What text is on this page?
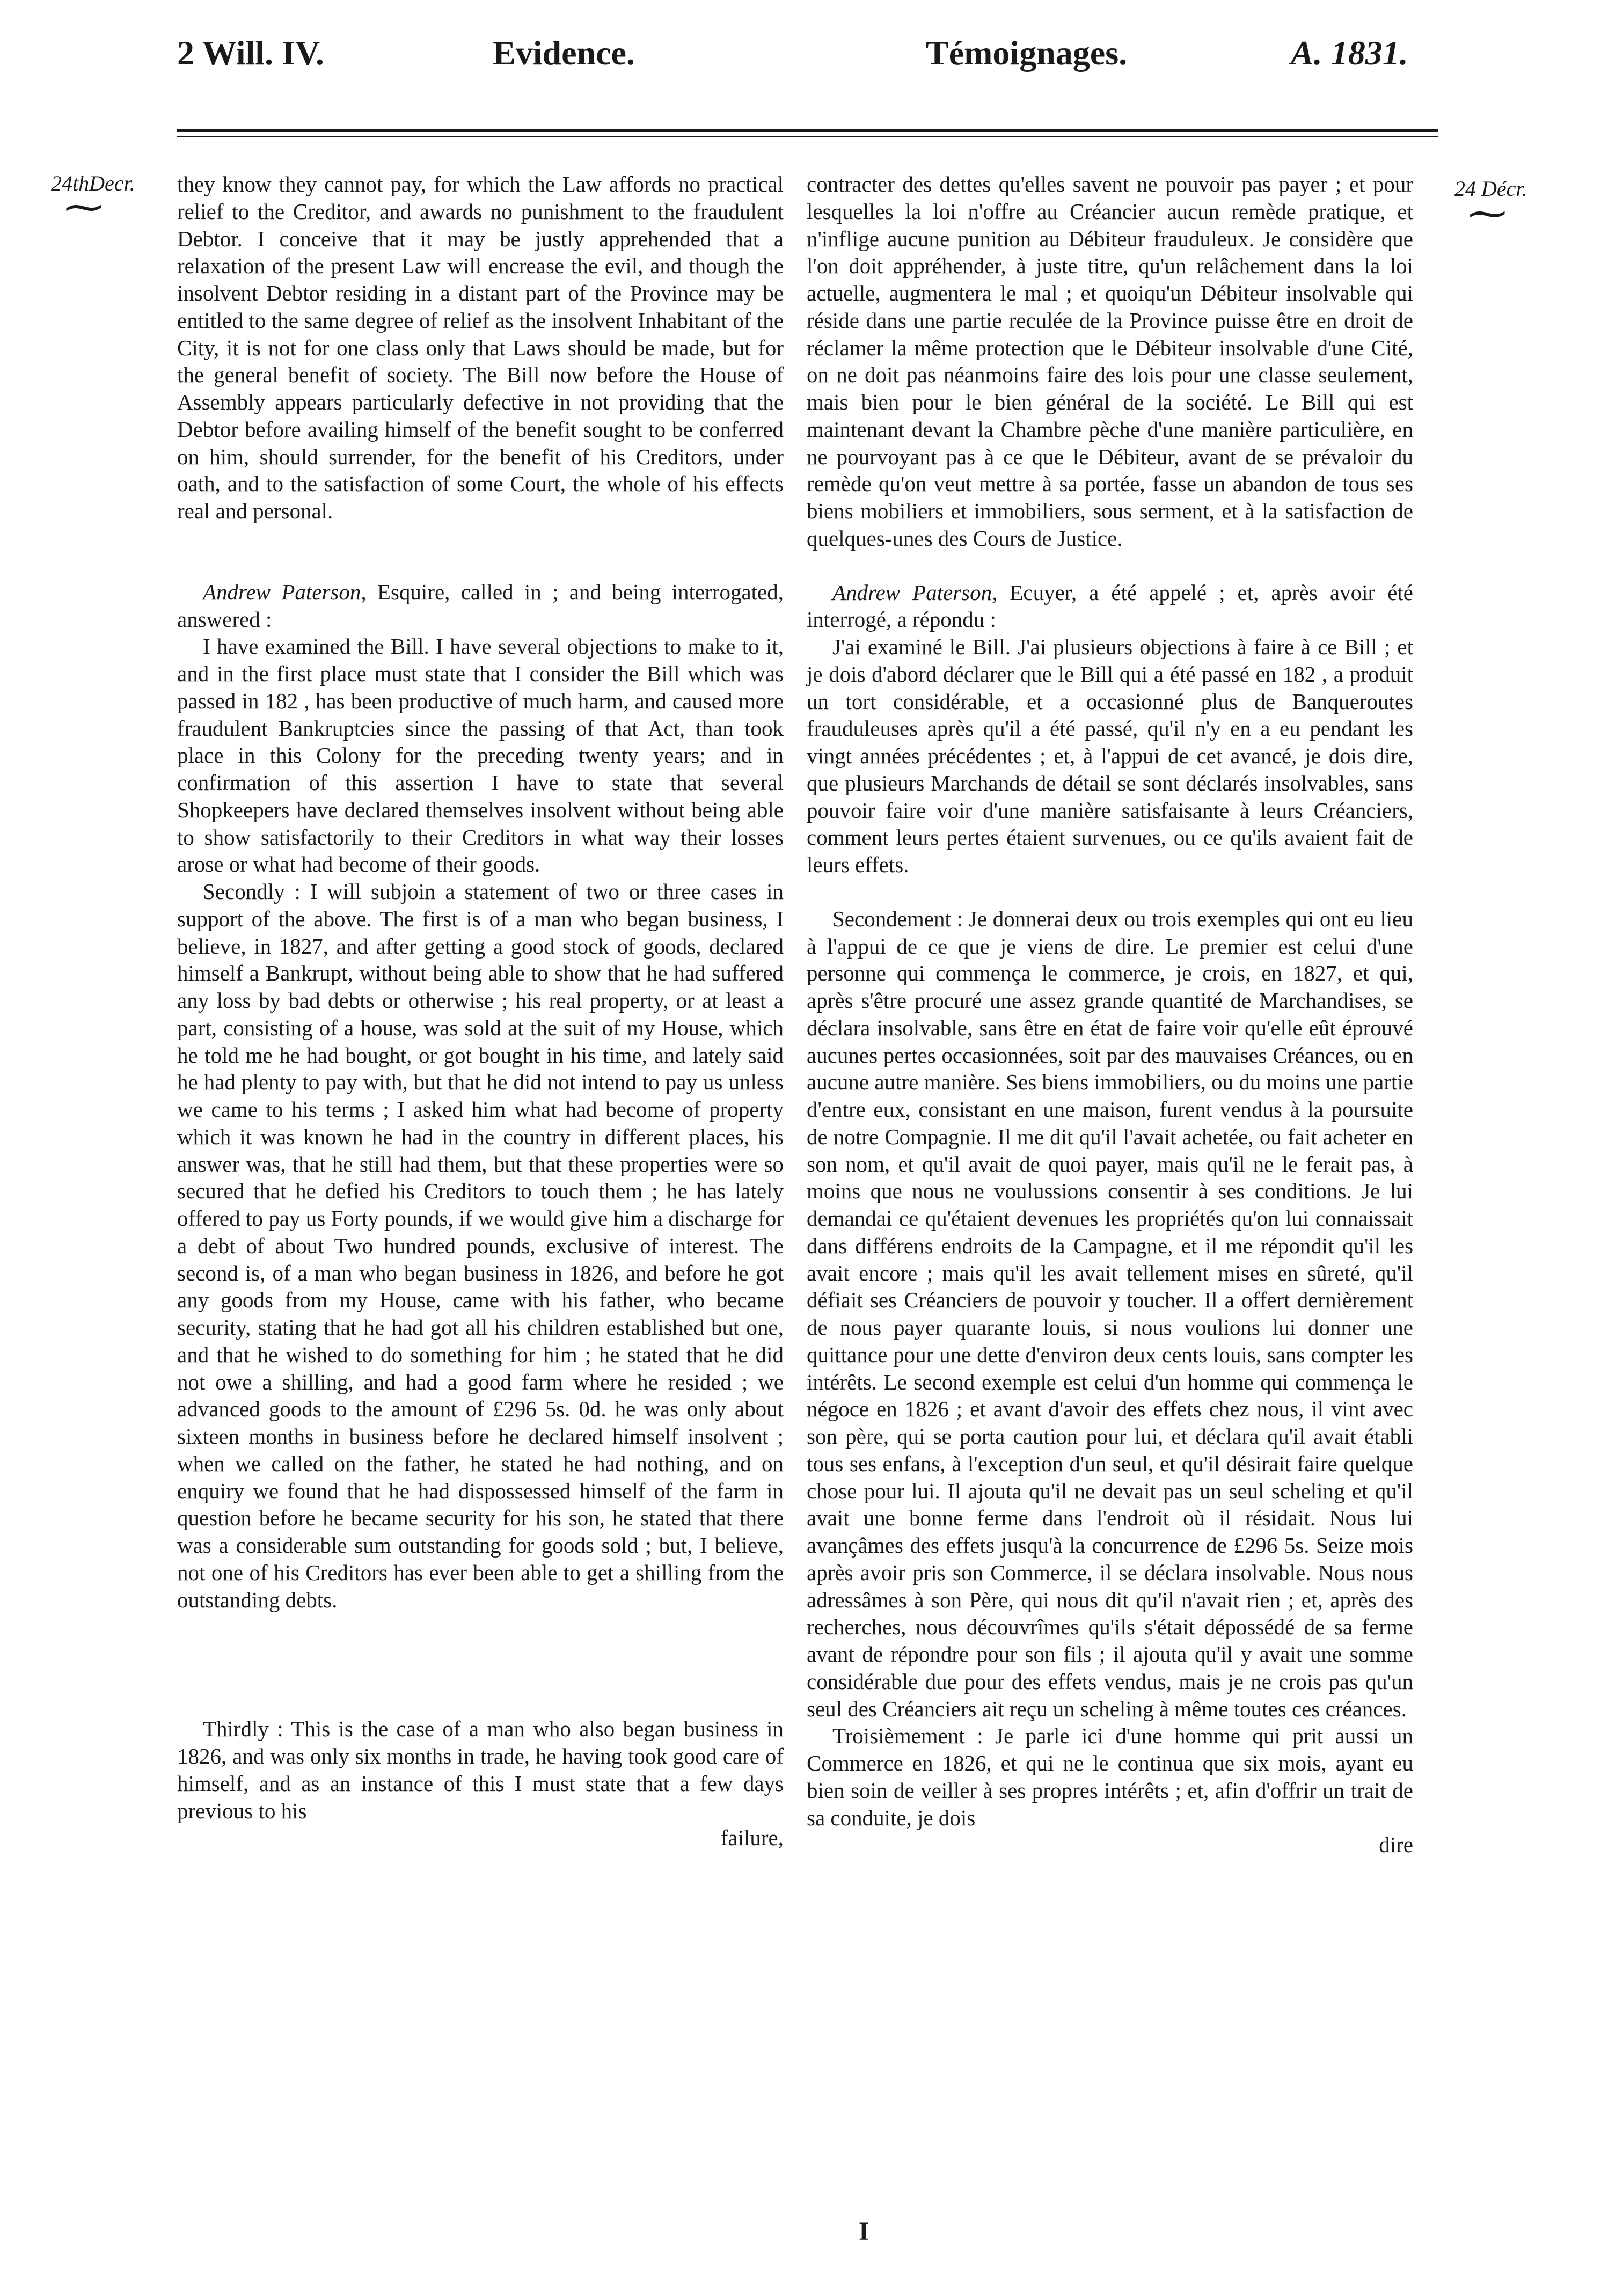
2 Will. IV.	Evidence.	Témoignages.	A. 1831.
24thDecr.
⁓	24 Décr.
⁓

they know they cannot pay, for which the Law affords no practical relief to the Creditor, and awards no punishment to the fraudulent Debtor. I conceive that it may be justly apprehended that a relaxation of the present Law will encrease the evil, and though the insolvent Debtor residing in a distant part of the Province may be entitled to the same degree of relief as the insolvent Inhabitant of the City, it is not for one class only that Laws should be made, but for the general benefit of society. The Bill now before the House of Assembly appears particularly defective in not providing that the Debtor before availing himself of the benefit sought to be conferred on him, should surrender, for the benefit of his Creditors, under oath, and to the satisfaction of some Court, the whole of his effects real and personal.

Andrew Paterson, Esquire, called in ; and being interrogated, answered :

I have examined the Bill. I have several objections to make to it, and in the first place must state that I consider the Bill which was passed in 182 , has been productive of much harm, and caused more fraudulent Bankruptcies since the passing of that Act, than took place in this Colony for the preceding twenty years; and in confirmation of this assertion I have to state that several Shopkeepers have declared themselves insolvent without being able to show satisfactorily to their Creditors in what way their losses arose or what had become of their goods.

Secondly : I will subjoin a statement of two or three cases in support of the above. The first is of a man who began business, I believe, in 1827, and after getting a good stock of goods, declared himself a Bankrupt, without being able to show that he had suffered any loss by bad debts or otherwise ; his real property, or at least a part, consisting of a house, was sold at the suit of my House, which he told me he had bought, or got bought in his time, and lately said he had plenty to pay with, but that he did not intend to pay us unless we came to his terms ; I asked him what had become of property which it was known he had in the country in different places, his answer was, that he still had them, but that these properties were so secured that he defied his Creditors to touch them ; he has lately offered to pay us Forty pounds, if we would give him a discharge for a debt of about Two hundred pounds, exclusive of interest. The second is, of a man who began business in 1826, and before he got any goods from my House, came with his father, who became security, stating that he had got all his children established but one, and that he wished to do something for him ; he stated that he did not owe a shilling, and had a good farm where he resided ; we advanced goods to the amount of £296 5s. 0d. he was only about sixteen months in business before he declared himself insolvent ; when we called on the father, he stated he had nothing, and on enquiry we found that he had dispossessed himself of the farm in question before he became security for his son, he stated that there was a considerable sum outstanding for goods sold ; but, I believe, not one of his Creditors has ever been able to get a shilling from the outstanding debts.

Thirdly : This is the case of a man who also began business in 1826, and was only six months in trade, he having took good care of himself, and as an instance of this I must state that a few days previous to his

failure,

contracter des dettes qu'elles savent ne pouvoir pas payer ; et pour lesquelles la loi n'offre au Créancier aucun remède pratique, et n'inflige aucune punition au Débiteur frauduleux. Je considère que l'on doit appréhender, à juste titre, qu'un relâchement dans la loi actuelle, augmentera le mal ; et quoiqu'un Débiteur insolvable qui réside dans une partie reculée de la Province puisse être en droit de réclamer la même protection que le Débiteur insolvable d'une Cité, on ne doit pas néanmoins faire des lois pour une classe seulement, mais bien pour le bien général de la société. Le Bill qui est maintenant devant la Chambre pèche d'une manière particulière, en ne pourvoyant pas à ce que le Débiteur, avant de se prévaloir du remède qu'on veut mettre à sa portée, fasse un abandon de tous ses biens mobiliers et immobiliers, sous serment, et à la satisfaction de quelques-unes des Cours de Justice.

Andrew Paterson, Ecuyer, a été appelé ; et, après avoir été interrogé, a répondu :

J'ai examiné le Bill. J'ai plusieurs objections à faire à ce Bill ; et je dois d'abord déclarer que le Bill qui a été passé en 182 , a produit un tort considérable, et a occasionné plus de Banqueroutes frauduleuses après qu'il a été passé, qu'il n'y en a eu pendant les vingt années précédentes ; et, à l'appui de cet avancé, je dois dire, que plusieurs Marchands de détail se sont déclarés insolvables, sans pouvoir faire voir d'une manière satisfaisante à leurs Créanciers, comment leurs pertes étaient survenues, ou ce qu'ils avaient fait de leurs effets.

Secondement : Je donnerai deux ou trois exemples qui ont eu lieu à l'appui de ce que je viens de dire. Le premier est celui d'une personne qui commença le commerce, je crois, en 1827, et qui, après s'être procuré une assez grande quantité de Marchandises, se déclara insolvable, sans être en état de faire voir qu'elle eût éprouvé aucunes pertes occasionnées, soit par des mauvaises Créances, ou en aucune autre manière. Ses biens immobiliers, ou du moins une partie d'entre eux, consistant en une maison, furent vendus à la poursuite de notre Compagnie. Il me dit qu'il l'avait achetée, ou fait acheter en son nom, et qu'il avait de quoi payer, mais qu'il ne le ferait pas, à moins que nous ne voulussions consentir à ses conditions. Je lui demandai ce qu'étaient devenues les propriétés qu'on lui connaissait dans différens endroits de la Campagne, et il me répondit qu'il les avait encore ; mais qu'il les avait tellement mises en sûreté, qu'il défiait ses Créanciers de pouvoir y toucher. Il a offert dernièrement de nous payer quarante louis, si nous voulions lui donner une quittance pour une dette d'environ deux cents louis, sans compter les intérêts. Le second exemple est celui d'un homme qui commença le négoce en 1826 ; et avant d'avoir des effets chez nous, il vint avec son père, qui se porta caution pour lui, et déclara qu'il avait établi tous ses enfans, à l'exception d'un seul, et qu'il désirait faire quelque chose pour lui. Il ajouta qu'il ne devait pas un seul scheling et qu'il avait une bonne ferme dans l'endroit où il résidait. Nous lui avançâmes des effets jusqu'à la concurrence de £296 5s. Seize mois après avoir pris son Commerce, il se déclara insolvable. Nous nous adressâmes à son Père, qui nous dit qu'il n'avait rien ; et, après des recherches, nous découvrîmes qu'ils s'était dépossédé de sa ferme avant de répondre pour son fils ; il ajouta qu'il y avait une somme considérable due pour des effets vendus, mais je ne crois pas qu'un seul des Créanciers ait reçu un scheling à même toutes ces créances.

Troisièmement : Je parle ici d'une homme qui prit aussi un Commerce en 1826, et qui ne le continua que six mois, ayant eu bien soin de veiller à ses propres intérêts ; et, afin d'offrir un trait de sa conduite, je dois

dire

I
